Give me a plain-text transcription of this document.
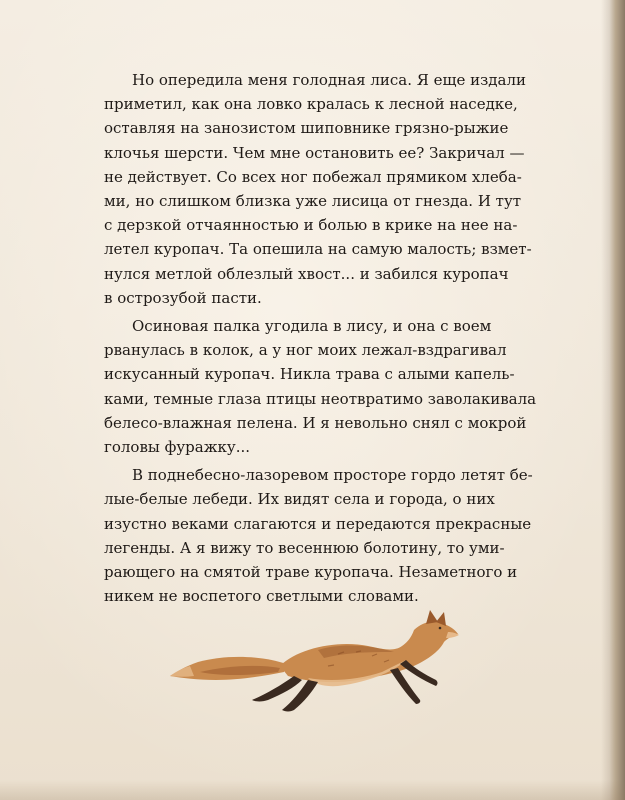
Но опередила меня голодная лиса. Я еще издали
приметил, как она ловко кралась к лесной наседке,
оставляя на занозистом шиповнике грязно-рыжие
клочья шерсти. Чем мне остановить ее? Закричал —
не действует. Со всех ног побежал прямиком хлеба-
ми, но слишком близка уже лисица от гнезда. И тут
с дерзкой отчаянностью и болью в крике на нее на-
летел куропач. Та опешила на самую малость; взмет-
нулся метлой облезлый хвост... и забился куропач
в острозубой пасти.

Осиновая палка угодила в лису, и она с воем
рванулась в колок, а у ног моих лежал-вздрагивал
искусанный куропач. Никла трава с алыми капель-
ками, темные глаза птицы неотвратимо заволакивала
белесо-влажная пелена. И я невольно снял с мокрой
головы фуражку...

В поднебесно-лазоревом просторе гордо летят бе-
лые-белые лебеди. Их видят села и города, о них
изустно веками слагаются и передаются прекрасные
легенды. А я вижу то весеннюю болотину, то уми-
рающего на смятой траве куропача. Незаметного и
никем не воспетого светлыми словами.
